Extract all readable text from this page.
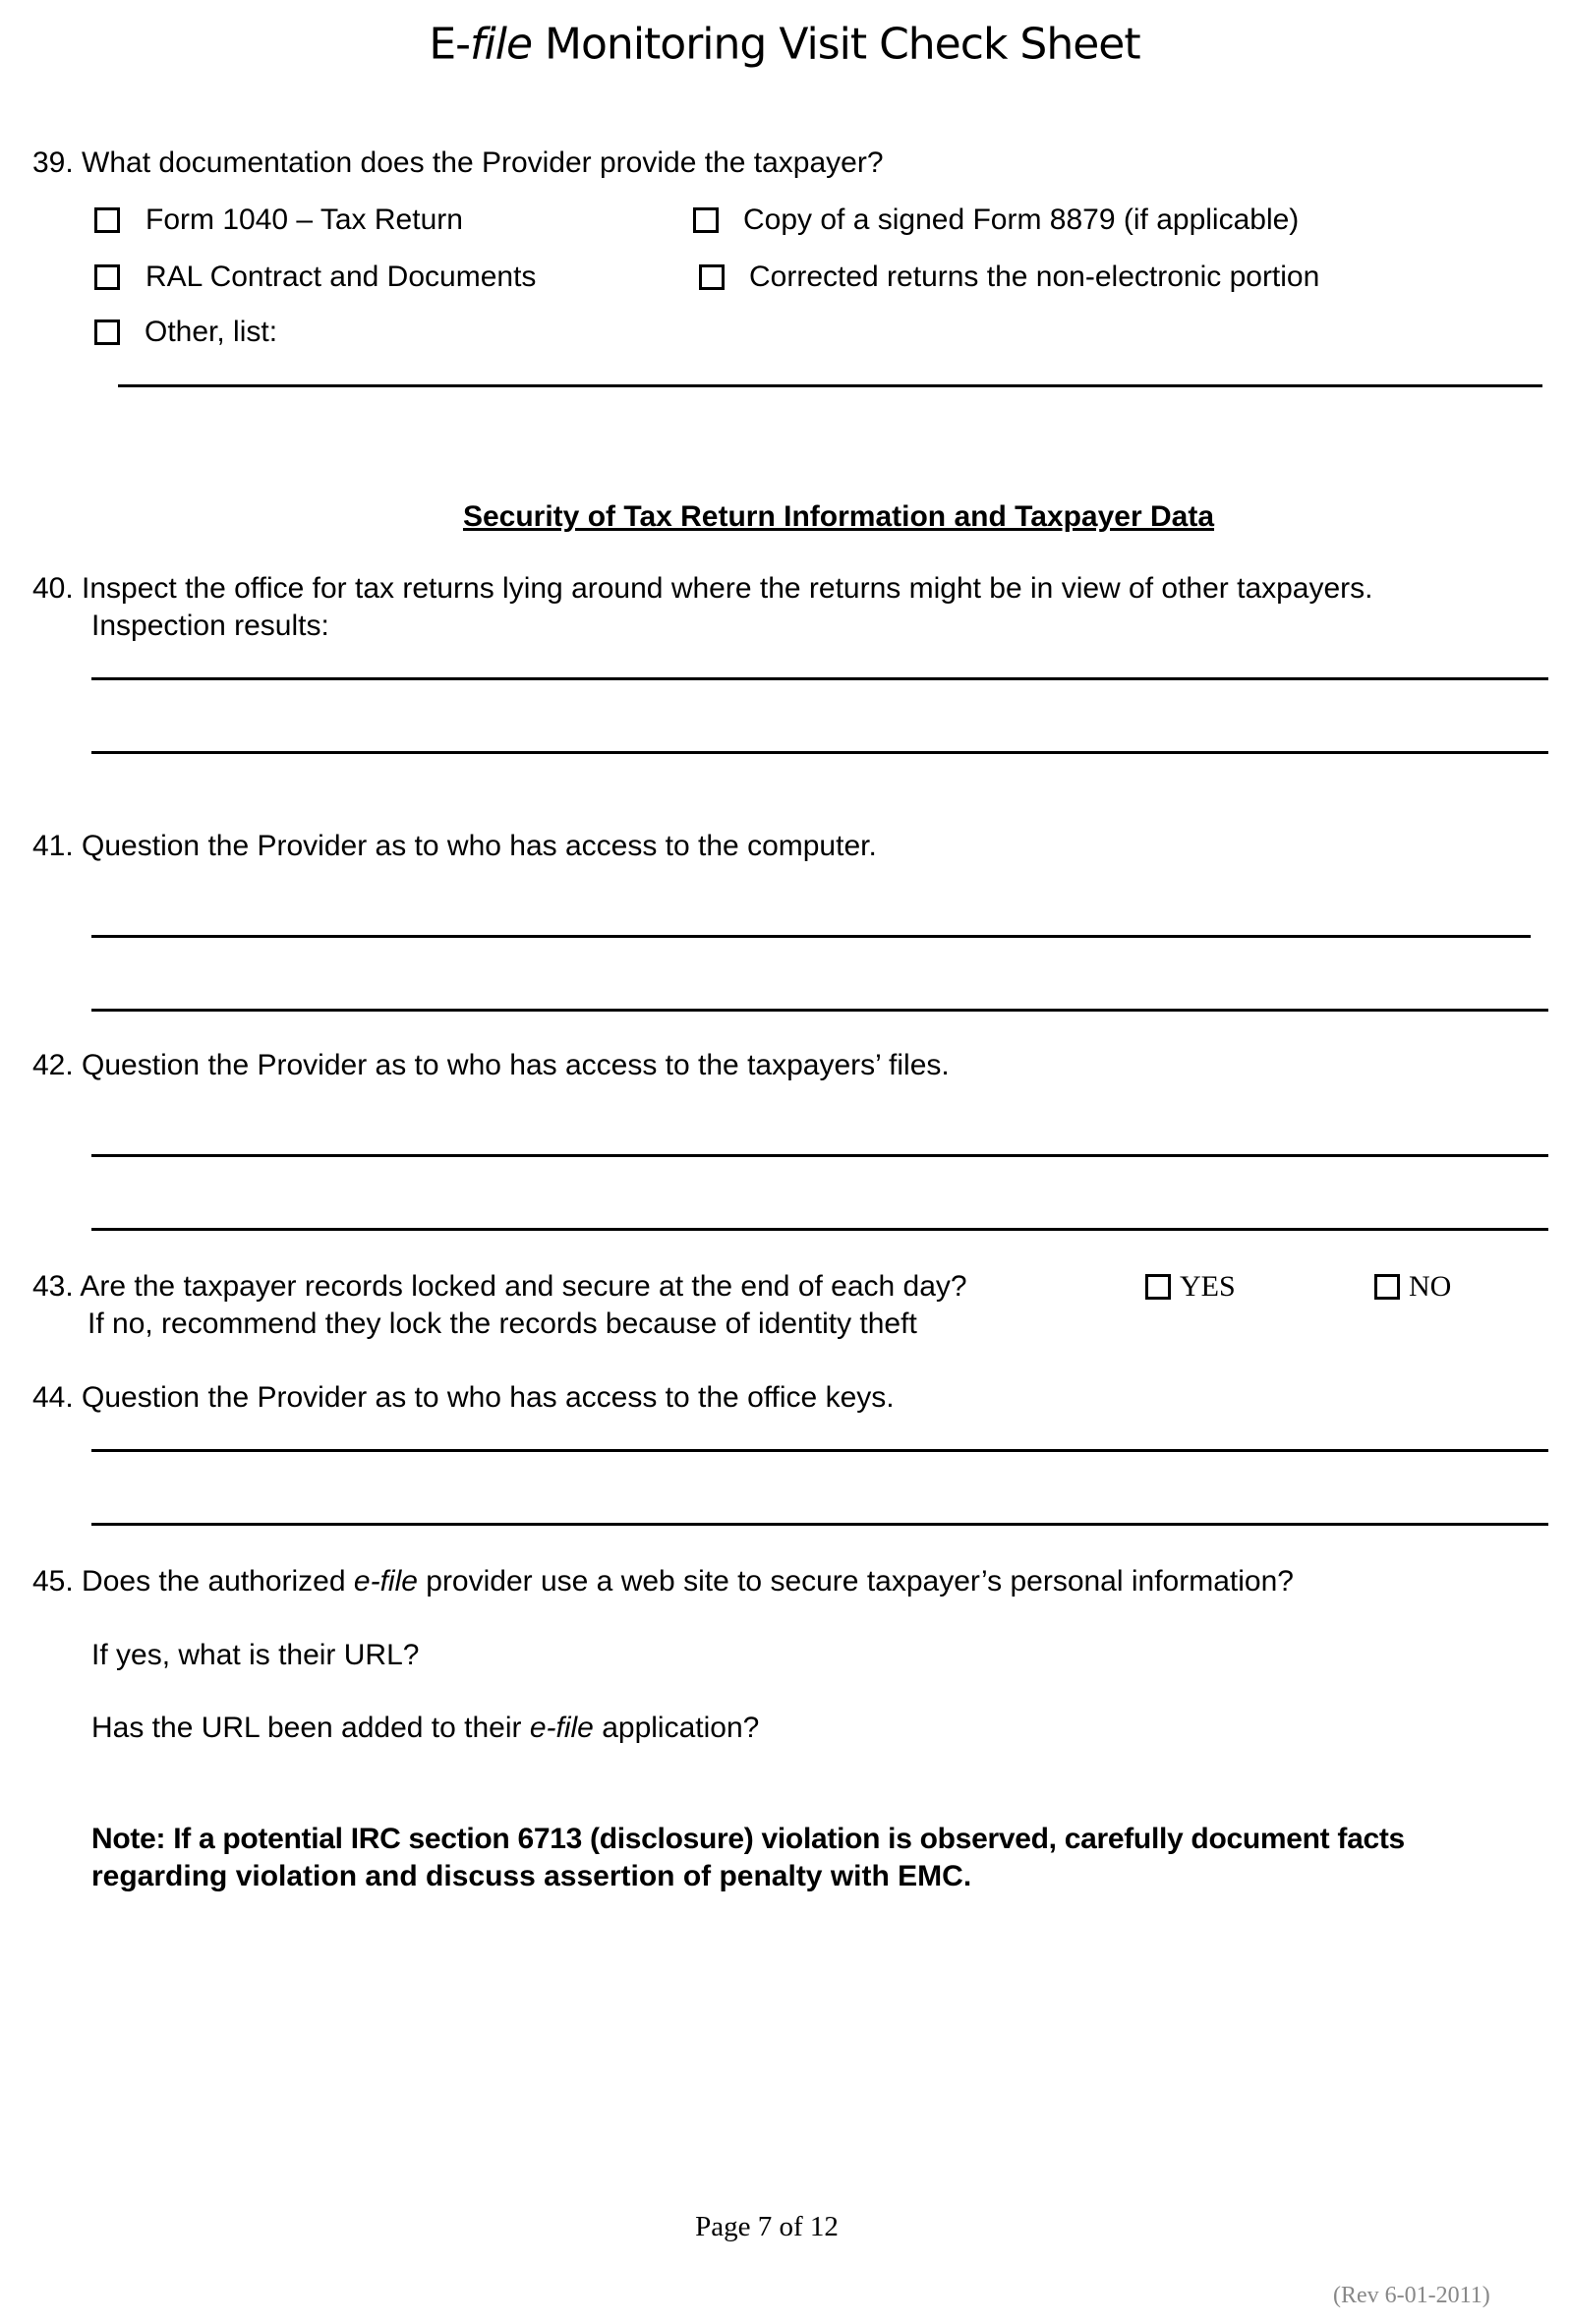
E-file Monitoring Visit Check Sheet
39. What documentation does the Provider provide the taxpayer?
Form 1040 – Tax Return	Copy of a signed Form 8879 (if applicable)
RAL Contract and Documents	Corrected returns the non-electronic portion
Other, list:
Security of Tax Return Information and Taxpayer Data
40. Inspect the office for tax returns lying around where the returns might be in view of other taxpayers.
Inspection results:
41. Question the Provider as to who has access to the computer.
42. Question the Provider as to who has access to the taxpayers’ files.
43. Are the taxpayer records locked and secure at the end of each day?
If no, recommend they lock the records because of identity theft
YES	NO
44. Question the Provider as to who has access to the office keys.
45. Does the authorized e-file provider use a web site to secure taxpayer’s personal information?
If yes, what is their URL?
Has the URL been added to their e-file application?
Note: If a potential IRC section 6713 (disclosure) violation is observed, carefully document facts
regarding violation and discuss assertion of penalty with EMC.
Page 7 of 12
(Rev 6-01-2011)
